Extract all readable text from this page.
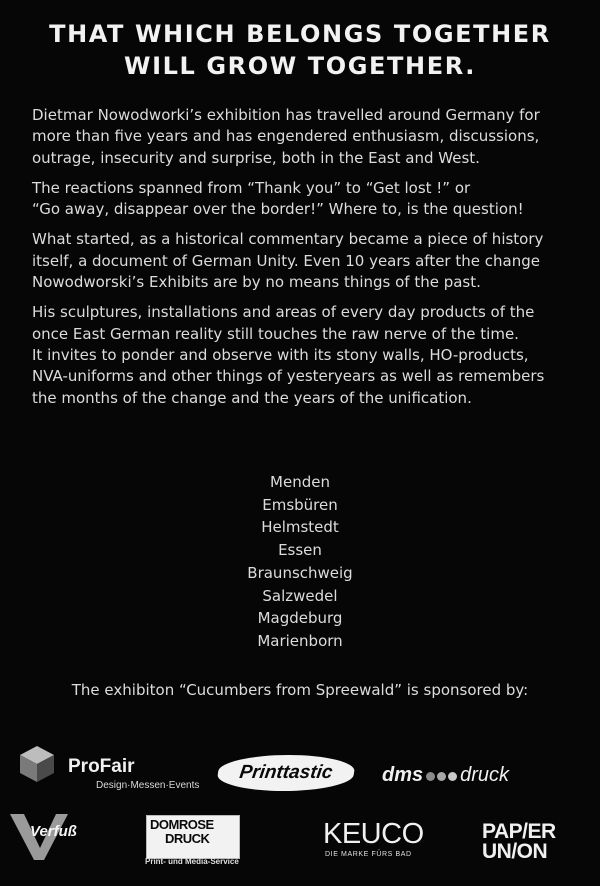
THAT WHICH BELONGS TOGETHER
WILL GROW TOGETHER.

Dietmar Nowodworki’s exhibition has travelled around Germany for
more than five years and has engendered enthusiasm, discussions,
outrage, insecurity and surprise, both in the East and West.

The reactions spanned from “Thank you” to “Get lost !” or
“Go away, disappear over the border!” Where to, is the question!

What started, as a historical commentary became a piece of history
itself, a document of German Unity. Even 10 years after the change
Nowodworski’s Exhibits are by no means things of the past.

His sculptures, installations and areas of every day products of the
once East German reality still touches the raw nerve of the time.
It invites to ponder and observe with its stony walls, HO-products,
NVA-uniforms and other things of yesteryears as well as remembers
the months of the change and the years of the unification.

Menden
Emsbüren
Helmstedt
Essen
Braunschweig
Salzwedel
Magdeburg
Marienborn

The exhibiton “Cucumbers from Spreewald” is sponsored by:

ProFair
Design·Messen·Events
Printtastic	dms druck
Verfuß	DOMROSE
DRUCK
Print- und Media-Service
KEUCO
DIE MARKE FÜRS BAD
PAP/ER
UN/ON
